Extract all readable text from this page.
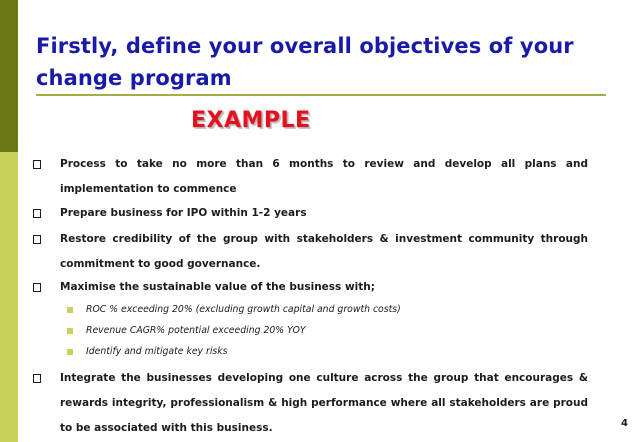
Firstly, define your overall objectives of your change program
EXAMPLE
Process to take no more than 6 months to review and develop all plans and implementation to commence
Prepare business for IPO within 1-2 years
Restore credibility of the group with stakeholders & investment community through commitment to good governance.
Maximise the sustainable value of the business with;
ROC % exceeding 20% (excluding growth capital and growth costs)
Revenue CAGR% potential exceeding 20% YOY
Identify and mitigate key risks
Integrate the businesses developing one culture across the group that encourages & rewards integrity, professionalism & high performance where all stakeholders are proud to be associated with this business.	4
